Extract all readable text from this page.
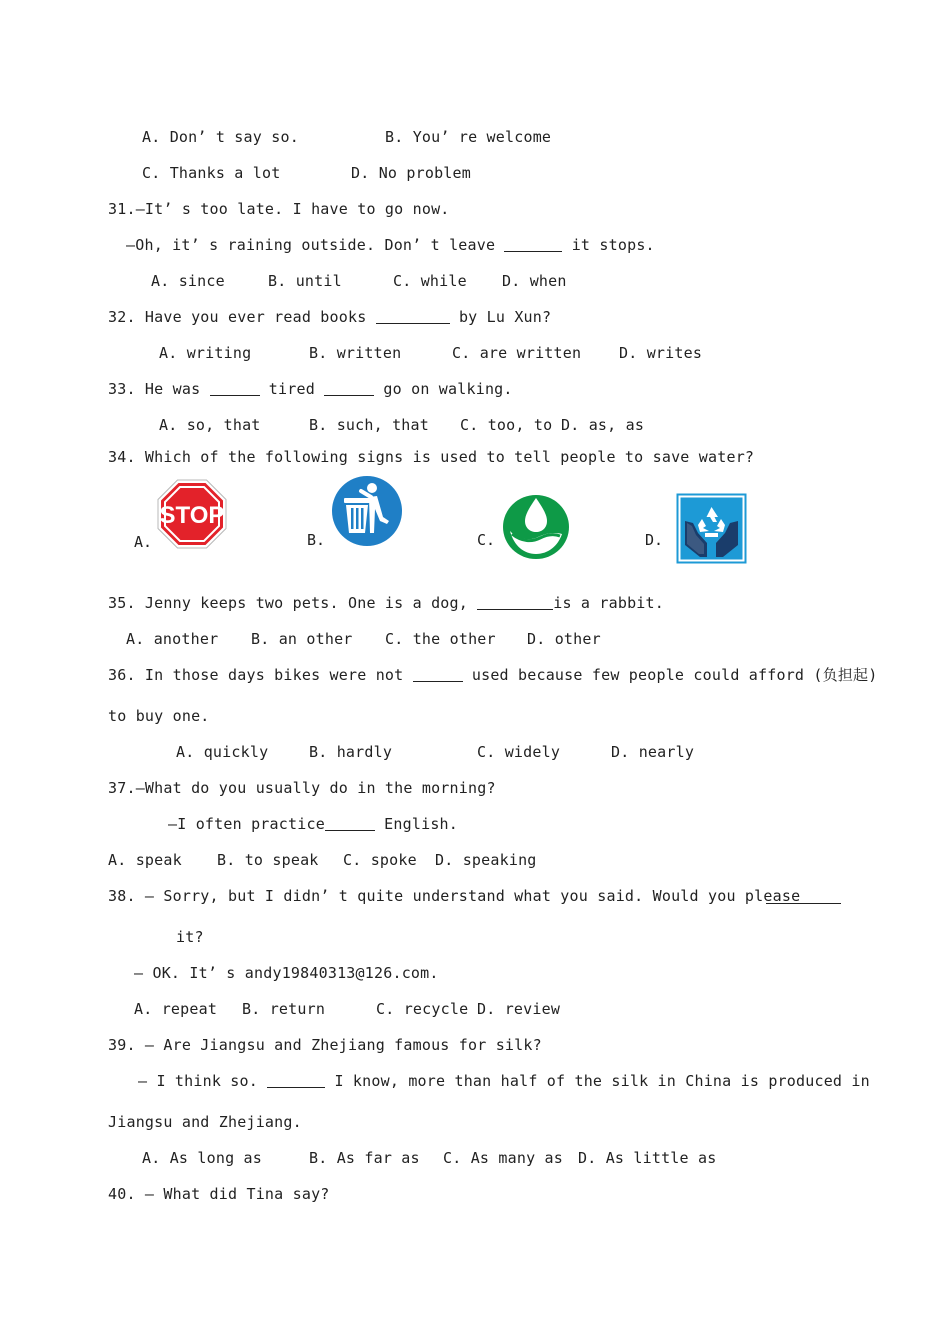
A. Don’ t say so.	B. You’ re welcome
C. Thanks a lot	D. No problem
31.—It’ s too late. I have to go now.
—Oh, it’ s raining outside. Don’ t leave	it stops.
A. since	B. until	C. while D. when
32. Have you ever read books	by Lu Xun?
A. writing	B. written	C. are written	D. writes
33. He was	tired	go on walking.
A. so, that	B. such, that C. too, to D. as, as
34. Which of the following signs is used to tell people to save water?
A.
STOP
B.	C.	D.
35. Jenny keeps two pets. One is a dog,	is a rabbit.
A. another B. an other C. the other D. other
36. In those days bikes were not	used because few people could afford (负担起)
to buy one.
A. quickly	B. hardly	C. widely	D. nearly
37.—What do you usually do in the morning?
—I often practice	English.
A. speak B. to speak C. spoke D. speaking
38. — Sorry, but I didn’ t quite understand what you said. Would you please
it?
— OK. It’ s andy19840313@126.com.
A. repeat B. return	C. recycle D. review
39. — Are Jiangsu and Zhejiang famous for silk?
— I think so.	I know, more than half of the silk in China is produced in
Jiangsu and Zhejiang.
A. As long as	B. As far as C. As many as D. As little as
40. — What did Tina say?
